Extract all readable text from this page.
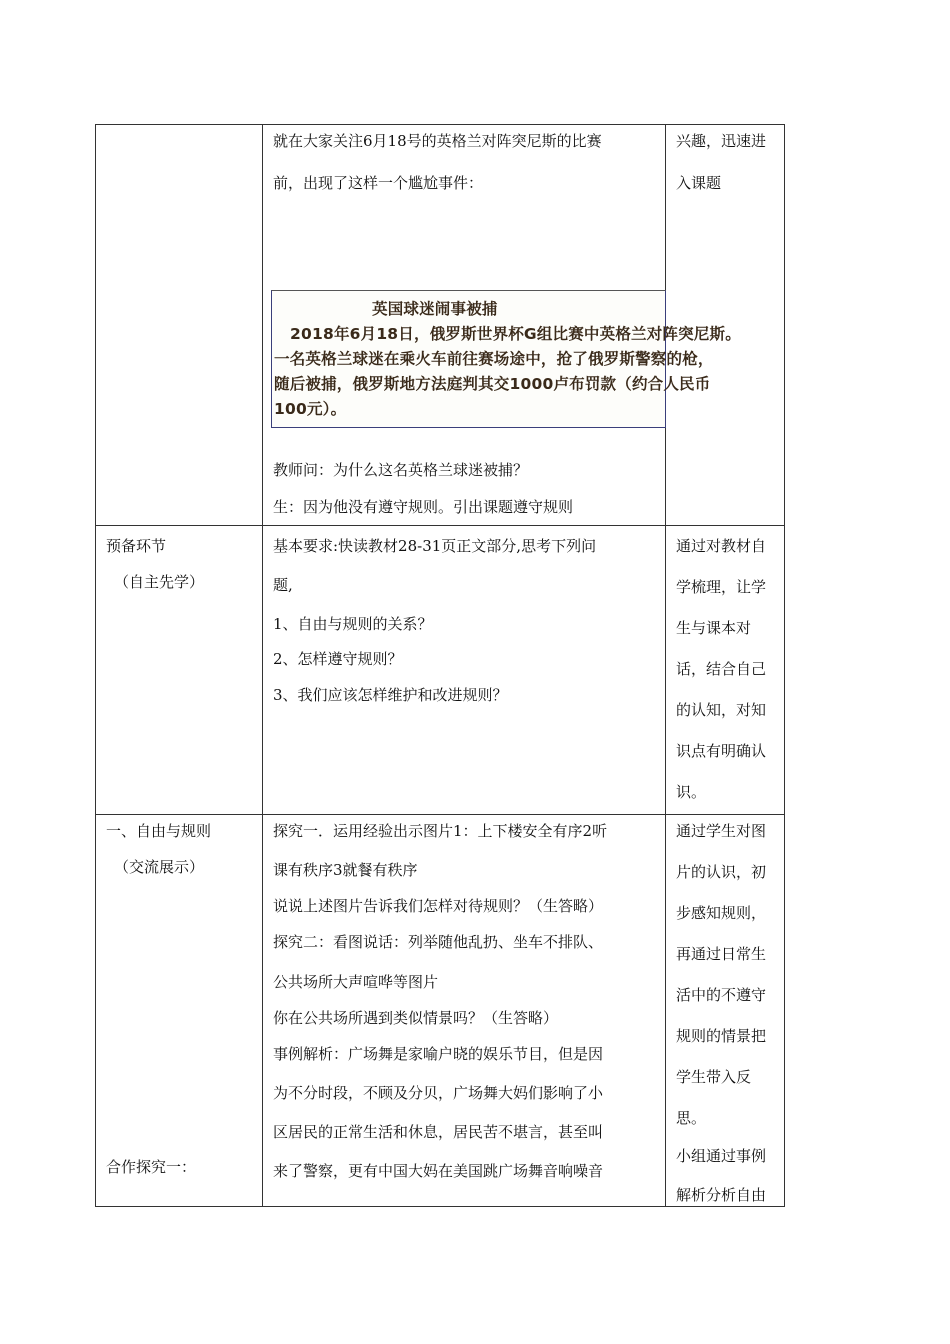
就在大家关注6月18号的英格兰对阵突尼斯的比赛
前，出现了这样一个尴尬事件：
英国球迷闹事被捕
2018年6月18日，俄罗斯世界杯G组比赛中英格兰对阵突尼斯。
一名英格兰球迷在乘火车前往赛场途中，抢了俄罗斯警察的枪，
随后被捕，俄罗斯地方法庭判其交1000卢布罚款（约合人民币
100元）。
教师问：为什么这名英格兰球迷被捕？
生：因为他没有遵守规则。引出课题遵守规则
兴趣，迅速进
入课题
预备环节
（自主先学）
基本要求:快读教材28-31页正文部分,思考下列问
题,
1、自由与规则的关系？
2、怎样遵守规则？
3、我们应该怎样维护和改进规则？
通过对教材自
学梳理，让学
生与课本对
话，结合自己
的认知，对知
识点有明确认
识。
一、自由与规则
（交流展示）
合作探究一：
探究一．运用经验出示图片1：上下楼安全有序2听
课有秩序3就餐有秩序
说说上述图片告诉我们怎样对待规则？（生答略）
探究二：看图说话：列举随他乱扔、坐车不排队、
公共场所大声喧哗等图片
你在公共场所遇到类似情景吗？（生答略）
事例解析：广场舞是家喻户晓的娱乐节目，但是因
为不分时段，不顾及分贝，广场舞大妈们影响了小
区居民的正常生活和休息，居民苦不堪言，甚至叫
来了警察，更有中国大妈在美国跳广场舞音响噪音
通过学生对图
片的认识，初
步感知规则，
再通过日常生
活中的不遵守
规则的情景把
学生带入反
思。
小组通过事例
解析分析自由
